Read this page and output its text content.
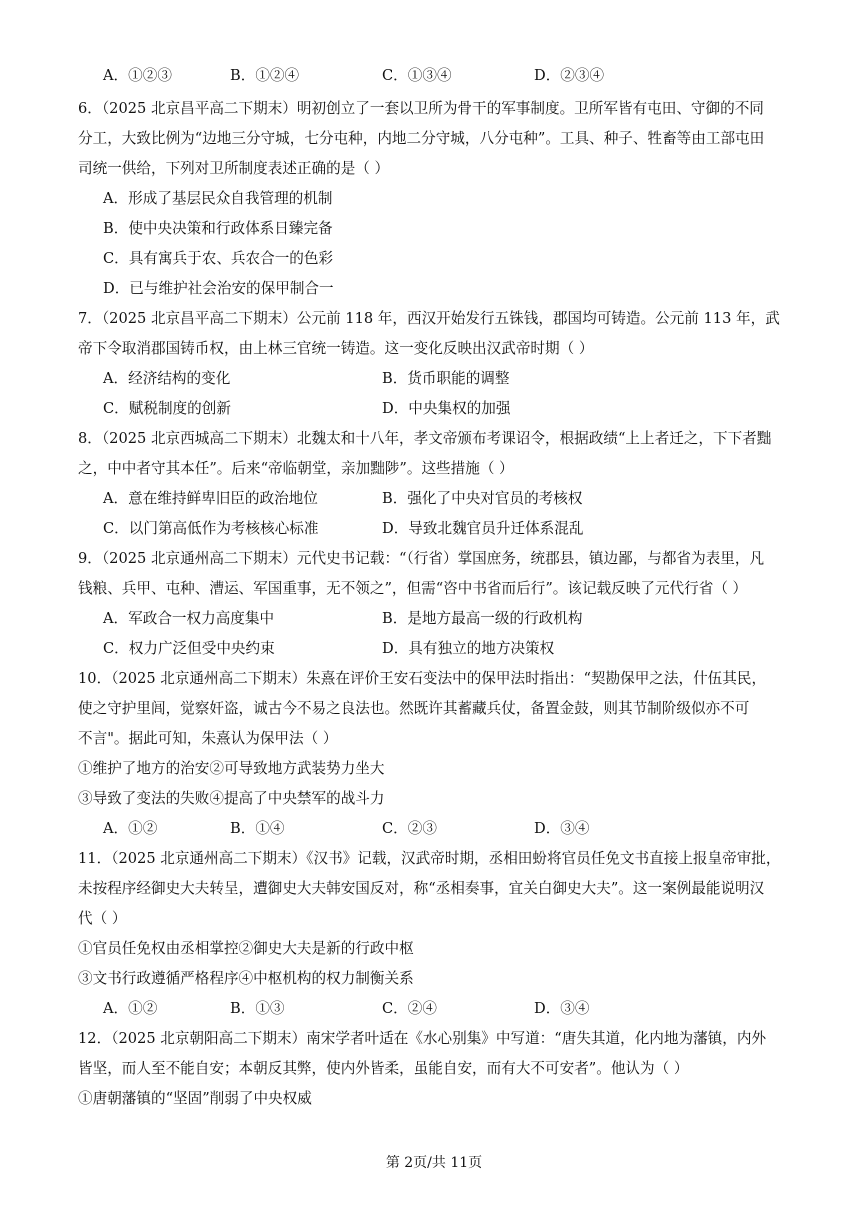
A．①②③	B．①②④	C．①③④	D．②③④
6．（2025 北京昌平高二下期末）明初创立了一套以卫所为骨干的军事制度。卫所军皆有屯田、守御的不同
分工，大致比例为“边地三分守城，七分屯种，内地二分守城，八分屯种”。工具、种子、牲畜等由工部屯田
司统一供给，下列对卫所制度表述正确的是（ ）
A．形成了基层民众自我管理的机制
B．使中央决策和行政体系日臻完备
C．具有寓兵于农、兵农合一的色彩
D．已与维护社会治安的保甲制合一
7．（2025 北京昌平高二下期末）公元前 118 年，西汉开始发行五铢钱，郡国均可铸造。公元前 113 年，武
帝下令取消郡国铸币权，由上林三官统一铸造。这一变化反映出汉武帝时期（ ）
A．经济结构的变化	B．货币职能的调整
C．赋税制度的创新	D．中央集权的加强
8．（2025 北京西城高二下期末）北魏太和十八年，孝文帝颁布考课诏令，根据政绩“上上者迁之，下下者黜
之，中中者守其本任”。后来“帝临朝堂，亲加黜陟”。这些措施（ ）
A．意在维持鲜卑旧臣的政治地位	B．强化了中央对官员的考核权
C．以门第高低作为考核核心标准	D．导致北魏官员升迁体系混乱
9．（2025 北京通州高二下期末）元代史书记载：“（行省）掌国庶务，统郡县，镇边鄙，与都省为表里，凡
钱粮、兵甲、屯种、漕运、军国重事，无不领之”，但需“咨中书省而后行”。该记载反映了元代行省（ ）
A．军政合一权力高度集中	B．是地方最高一级的行政机构
C．权力广泛但受中央约束	D．具有独立的地方决策权
10．（2025 北京通州高二下期末）朱熹在评价王安石变法中的保甲法时指出：“契勘保甲之法，什伍其民，
使之守护里闾，觉察奸盗，诚古今不易之良法也。然既许其蓄藏兵仗，备置金鼓，则其节制阶级似亦不可
不言"。据此可知，朱熹认为保甲法（ ）
①维护了地方的治安②可导致地方武装势力坐大
③导致了变法的失败④提高了中央禁军的战斗力
A．①②	B．①④	C．②③	D．③④
11．（2025 北京通州高二下期末）《汉书》记载，汉武帝时期，丞相田蚡将官员任免文书直接上报皇帝审批，
未按程序经御史大夫转呈，遭御史大夫韩安国反对，称“丞相奏事，宜关白御史大夫”。这一案例最能说明汉
代（ ）
①官员任免权由丞相掌控②御史大夫是新的行政中枢
③文书行政遵循严格程序④中枢机构的权力制衡关系
A．①②	B．①③	C．②④	D．③④
12．（2025 北京朝阳高二下期末）南宋学者叶适在《水心别集》中写道：“唐失其道，化内地为藩镇，内外
皆坚，而人至不能自安；本朝反其弊，使内外皆柔，虽能自安，而有大不可安者”。他认为（ ）
①唐朝藩镇的“坚固”削弱了中央权威
第 2页/共 11页
